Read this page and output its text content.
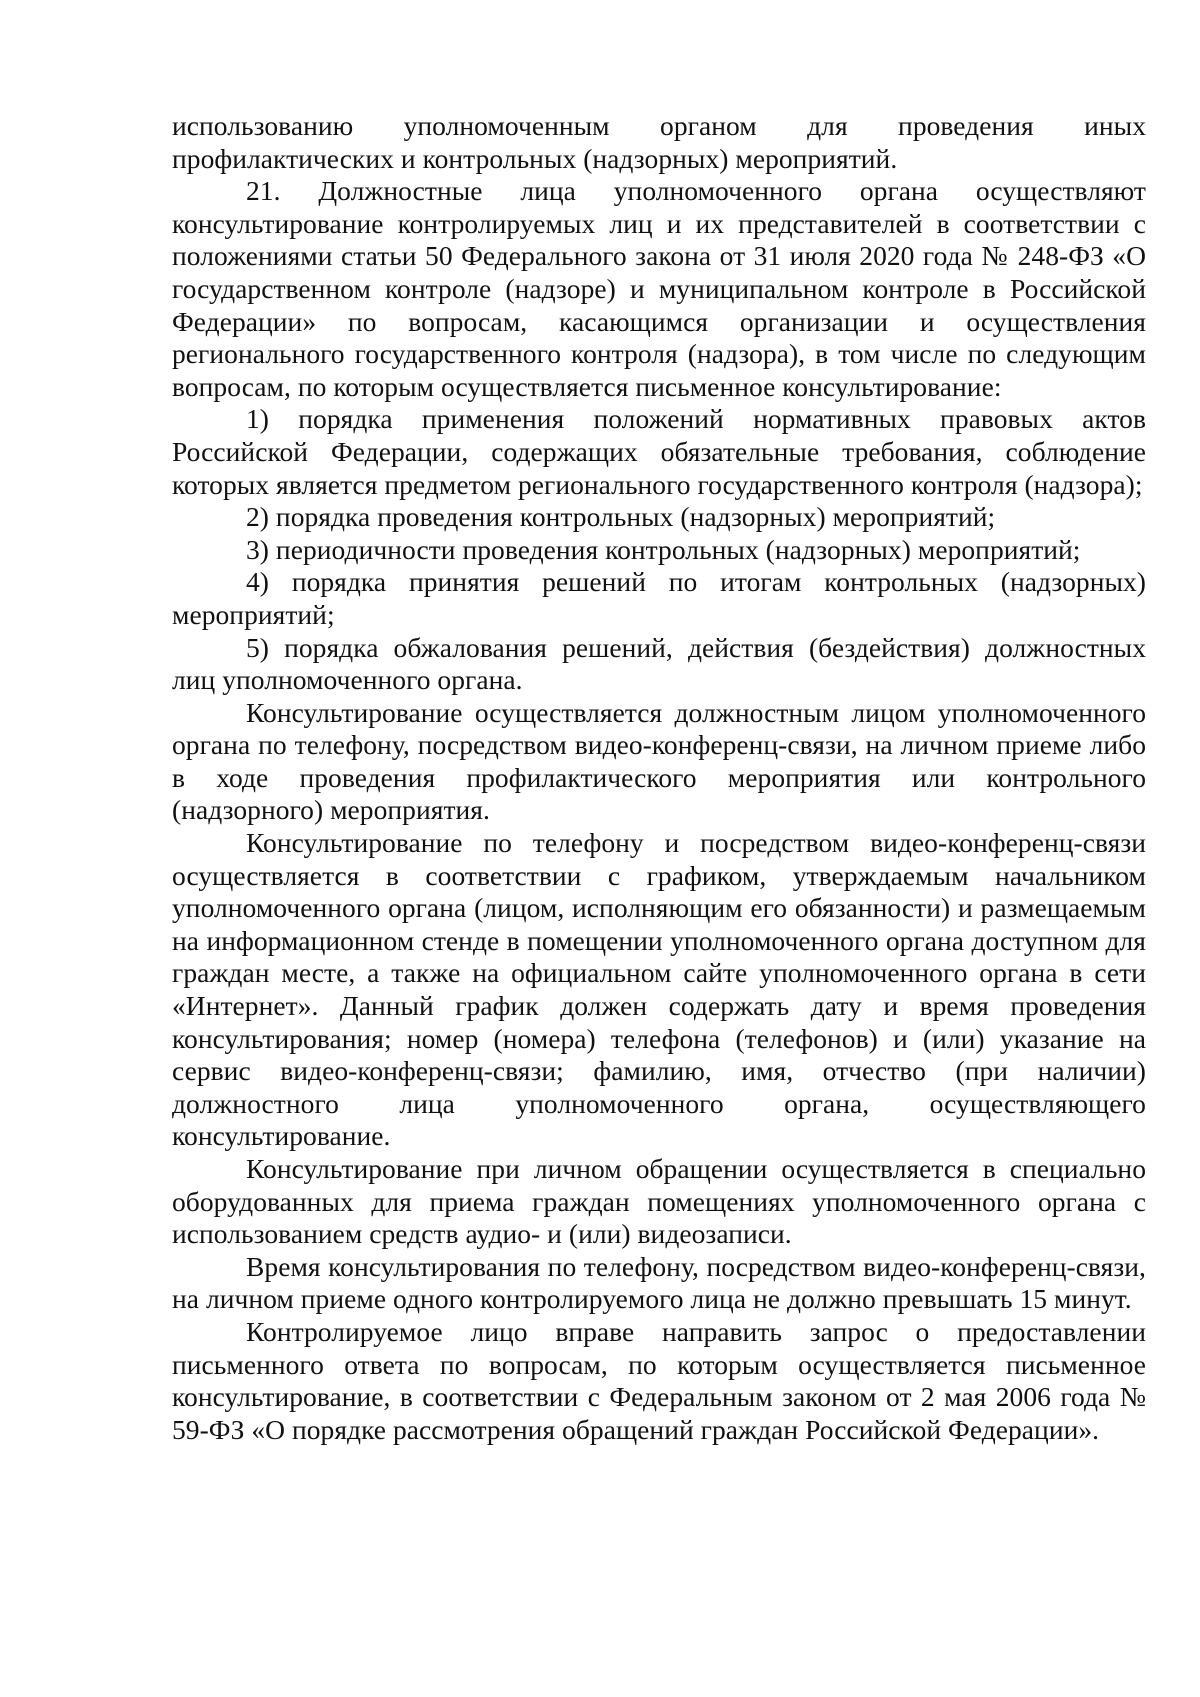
использованию уполномоченным органом для проведения иных профилактических и контрольных (надзорных) мероприятий.

21. Должностные лица уполномоченного органа осуществляют консультирование контролируемых лиц и их представителей в соответствии с положениями статьи 50 Федерального закона от 31 июля 2020 года № 248-ФЗ «О государственном контроле (надзоре) и муниципальном контроле в Российской Федерации» по вопросам, касающимся организации и осуществления регионального государственного контроля (надзора), в том числе по следующим вопросам, по которым осуществляется письменное консультирование:

1) порядка применения положений нормативных правовых актов Российской Федерации, содержащих обязательные требования, соблюдение которых является предметом регионального государственного контроля (надзора);

2) порядка проведения контрольных (надзорных) мероприятий;

3) периодичности проведения контрольных (надзорных) мероприятий;

4) порядка принятия решений по итогам контрольных (надзорных) мероприятий;

5) порядка обжалования решений, действия (бездействия) должностных лиц уполномоченного органа.

Консультирование осуществляется должностным лицом уполномоченного органа по телефону, посредством видео-конференц-связи, на личном приеме либо в ходе проведения профилактического мероприятия или контрольного (надзорного) мероприятия.

Консультирование по телефону и посредством видео-конференц-связи осуществляется в соответствии с графиком, утверждаемым начальником уполномоченного органа (лицом, исполняющим его обязанности) и размещаемым на информационном стенде в помещении уполномоченного органа доступном для граждан месте, а также на официальном сайте уполномоченного органа в сети «Интернет». Данный график должен содержать дату и время проведения консультирования; номер (номера) телефона (телефонов) и (или) указание на сервис видео-конференц-связи; фамилию, имя, отчество (при наличии) должностного лица уполномоченного органа, осуществляющего консультирование.

Консультирование при личном обращении осуществляется в специально оборудованных для приема граждан помещениях уполномоченного органа с использованием средств аудио- и (или) видеозаписи.

Время консультирования по телефону, посредством видео-конференц-связи, на личном приеме одного контролируемого лица не должно превышать 15 минут.

Контролируемое лицо вправе направить запрос о предоставлении письменного ответа по вопросам, по которым осуществляется письменное консультирование, в соответствии с Федеральным законом от 2 мая 2006 года № 59-ФЗ «О порядке рассмотрения обращений граждан Российской Федерации».
